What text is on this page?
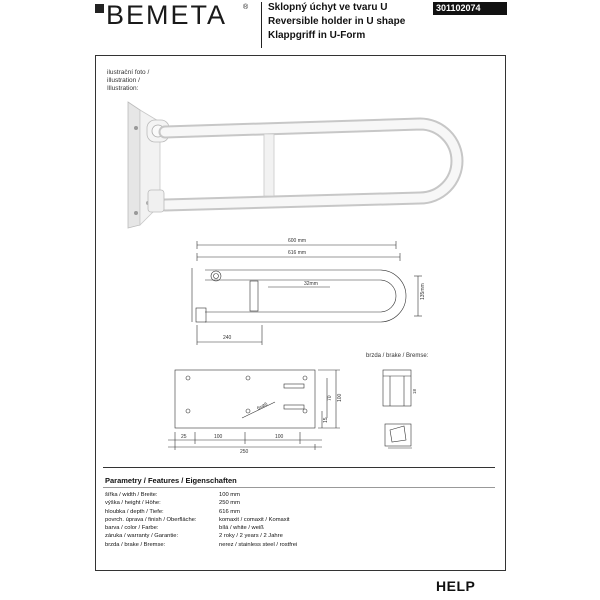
BEMETA ® Sklopný úchyt ve tvaru U
Reversible holder in U shape
Klappgriff in U-Form
301102074
ilustrační foto /
illustration /
Illustration:
600 mm
616 mm
32mm	135mm
240
25	100	100
250
70 100
15
6x⌀6
brzda / brake / Bremse:
18
Parametry / Features / Eigenschaften
šířka / width / Breite:	100 mm
výška / height / Höhe:	250 mm
hloubka / depth / Tiefe:	616 mm
povrch. úprava / finish / Oberfläche:	komaxit / comaxit / Komaxit
barva / color / Farbe:	bílá / white / weiß
záruka / warranty / Garantie:	2 roky / 2 years / 2 Jahre
brzda / brake / Bremse:	nerez / stainless steel / rostfrei
HELP
